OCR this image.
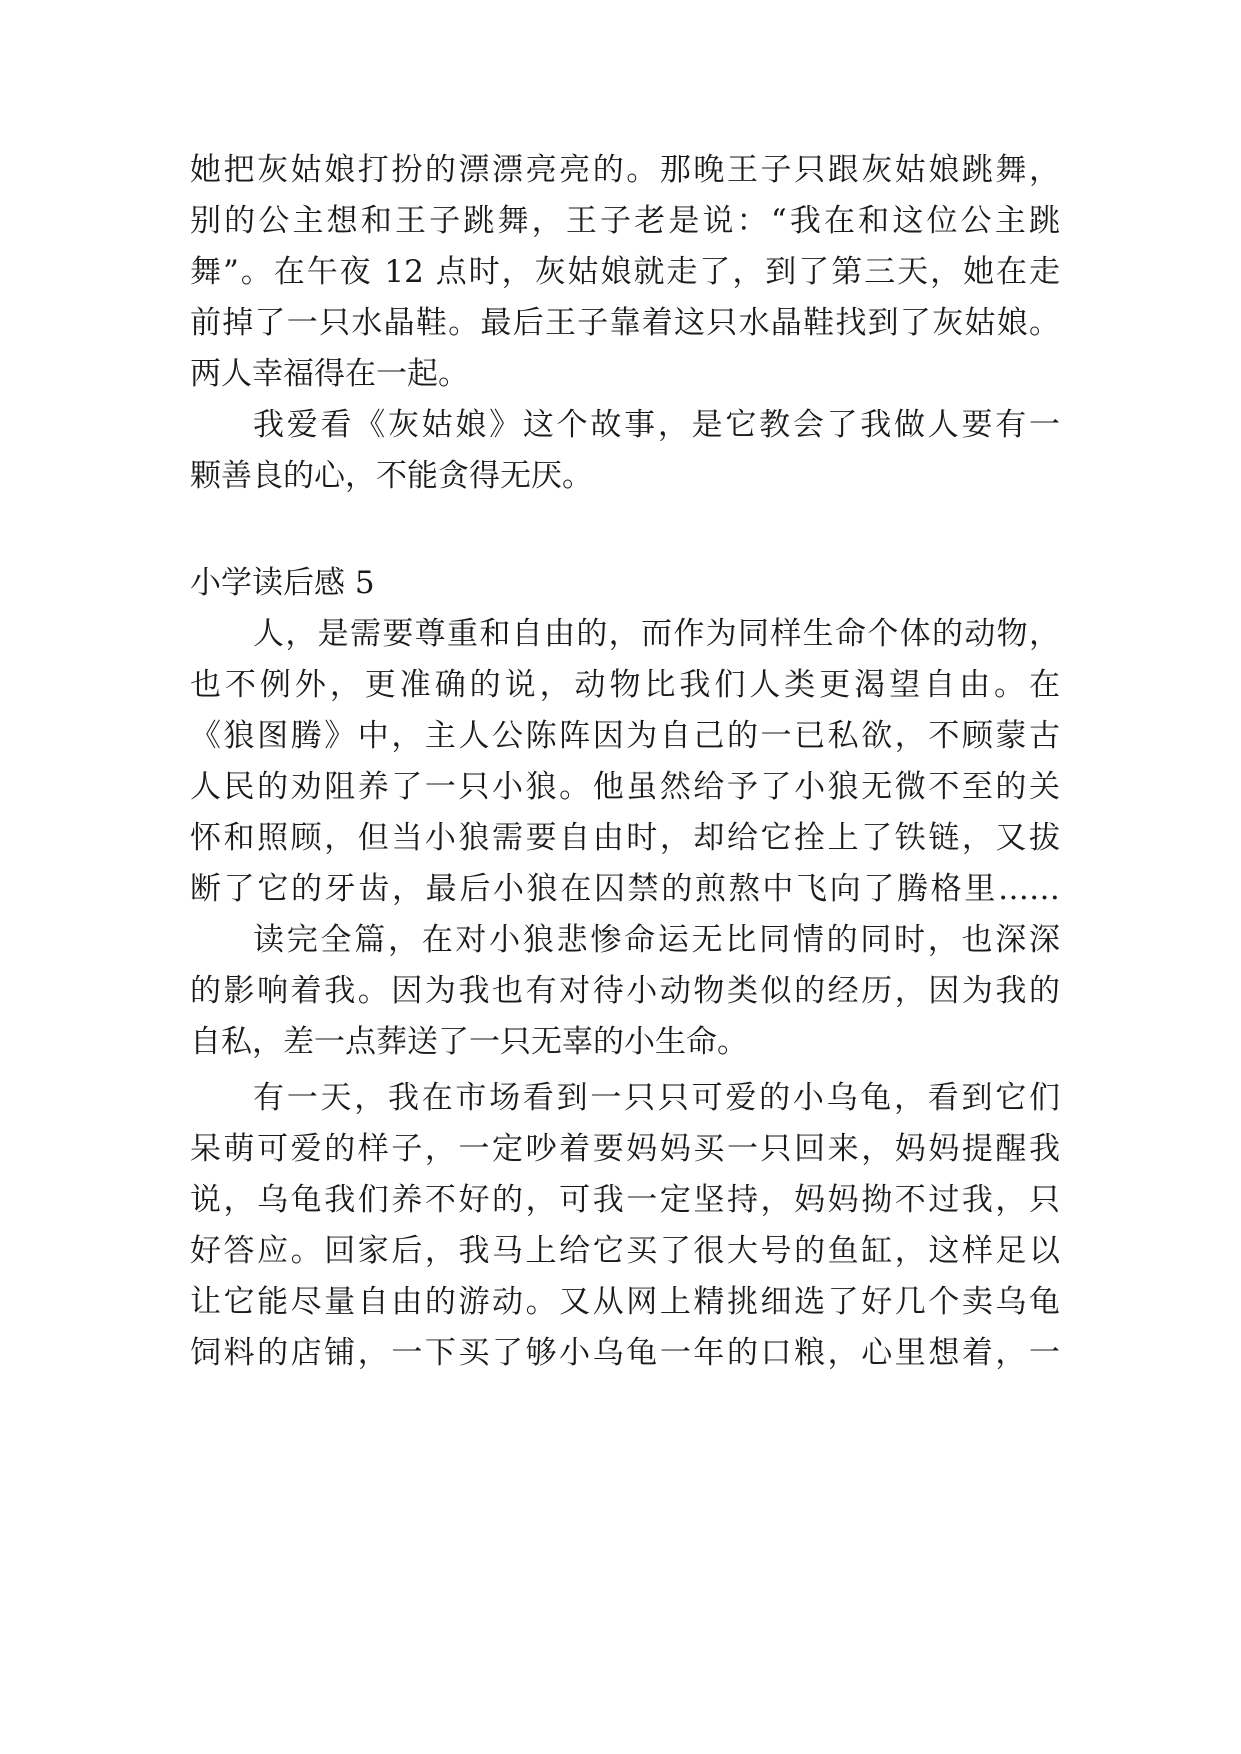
她把灰姑娘打扮的漂漂亮亮的。那晚王子只跟灰姑娘跳舞，
别的公主想和王子跳舞，王子老是说：“我在和这位公主跳
舞”。在午夜 12 点时，灰姑娘就走了，到了第三天，她在走
前掉了一只水晶鞋。最后王子靠着这只水晶鞋找到了灰姑娘。
两人幸福得在一起。
我爱看《灰姑娘》这个故事，是它教会了我做人要有一
颗善良的心，不能贪得无厌。
小学读后感 5
人，是需要尊重和自由的，而作为同样生命个体的动物，
也不例外，更准确的说，动物比我们人类更渴望自由。在
《狼图腾》中，主人公陈阵因为自己的一已私欲，不顾蒙古
人民的劝阻养了一只小狼。他虽然给予了小狼无微不至的关
怀和照顾，但当小狼需要自由时，却给它拴上了铁链，又拔
断了它的牙齿，最后小狼在囚禁的煎熬中飞向了腾格里……
读完全篇，在对小狼悲惨命运无比同情的同时，也深深
的影响着我。因为我也有对待小动物类似的经历，因为我的
自私，差一点葬送了一只无辜的小生命。
有一天，我在市场看到一只只可爱的小乌龟，看到它们
呆萌可爱的样子，一定吵着要妈妈买一只回来，妈妈提醒我
说，乌龟我们养不好的，可我一定坚持，妈妈拗不过我，只
好答应。回家后，我马上给它买了很大号的鱼缸，这样足以
让它能尽量自由的游动。又从网上精挑细选了好几个卖乌龟
饲料的店铺，一下买了够小乌龟一年的口粮，心里想着，一
